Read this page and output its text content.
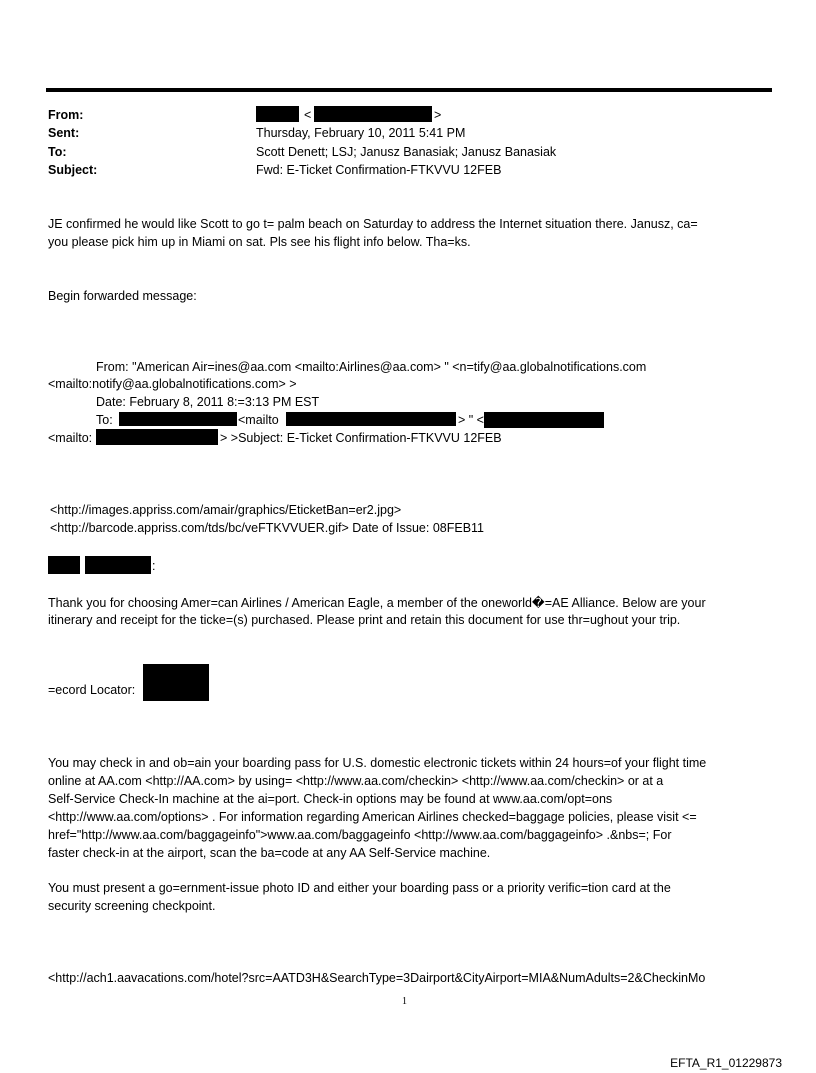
From:	<	>
Sent:	Thursday, February 10, 2011 5:41 PM
To:	Scott Denett; LSJ; Janusz Banasiak; Janusz Banasiak
Subject:	Fwd: E-Ticket Confirmation-FTKVVU 12FEB
JE confirmed he would like Scott to go t= palm beach on Saturday to address the Internet situation there. Janusz, ca=
you please pick him up in Miami on sat. Pls see his flight info below. Tha=ks.
Begin forwarded message:
From: "American Air=ines@aa.com <mailto:Airlines@aa.com> " <n=tify@aa.globalnotifications.com
<mailto:notify@aa.globalnotifications.com> >
Date: February 8, 2011 8:=3:13 PM EST
To:	<mailto	> " <
<mailto:	> >Subject: E-Ticket Confirmation-FTKVVU 12FEB
<http://images.appriss.com/amair/graphics/EticketBan=er2.jpg>
<http://barcode.appriss.com/tds/bc/veFTKVVUER.gif> Date of Issue: 08FEB11
:
Thank you for choosing Amer=can Airlines / American Eagle, a member of the oneworld�=AE Alliance. Below are your
itinerary and receipt for the ticke=(s) purchased. Please print and retain this document for use thr=ughout your trip.
=ecord Locator:
You may check in and ob=ain your boarding pass for U.S. domestic electronic tickets within 24 hours=of your flight time
online at AA.com <http://AA.com> by using= <http://www.aa.com/checkin> <http://www.aa.com/checkin> or at a
Self-Service Check-In machine at the ai=port. Check-in options may be found at www.aa.com/opt=ons
<http://www.aa.com/options> . For information regarding American Airlines checked=baggage policies, please visit <=
href="http://www.aa.com/baggageinfo">www.aa.com/baggageinfo <http://www.aa.com/baggageinfo> .&nbs=; For
faster check-in at the airport, scan the ba=code at any AA Self-Service machine.
You must present a go=ernment-issue photo ID and either your boarding pass or a priority verific=tion card at the
security screening checkpoint.
<http://ach1.aavacations.com/hotel?src=AATD3H&SearchType=3Dairport&CityAirport=MIA&NumAdults=2&CheckinMo
1
EFTA_R1_01229873
